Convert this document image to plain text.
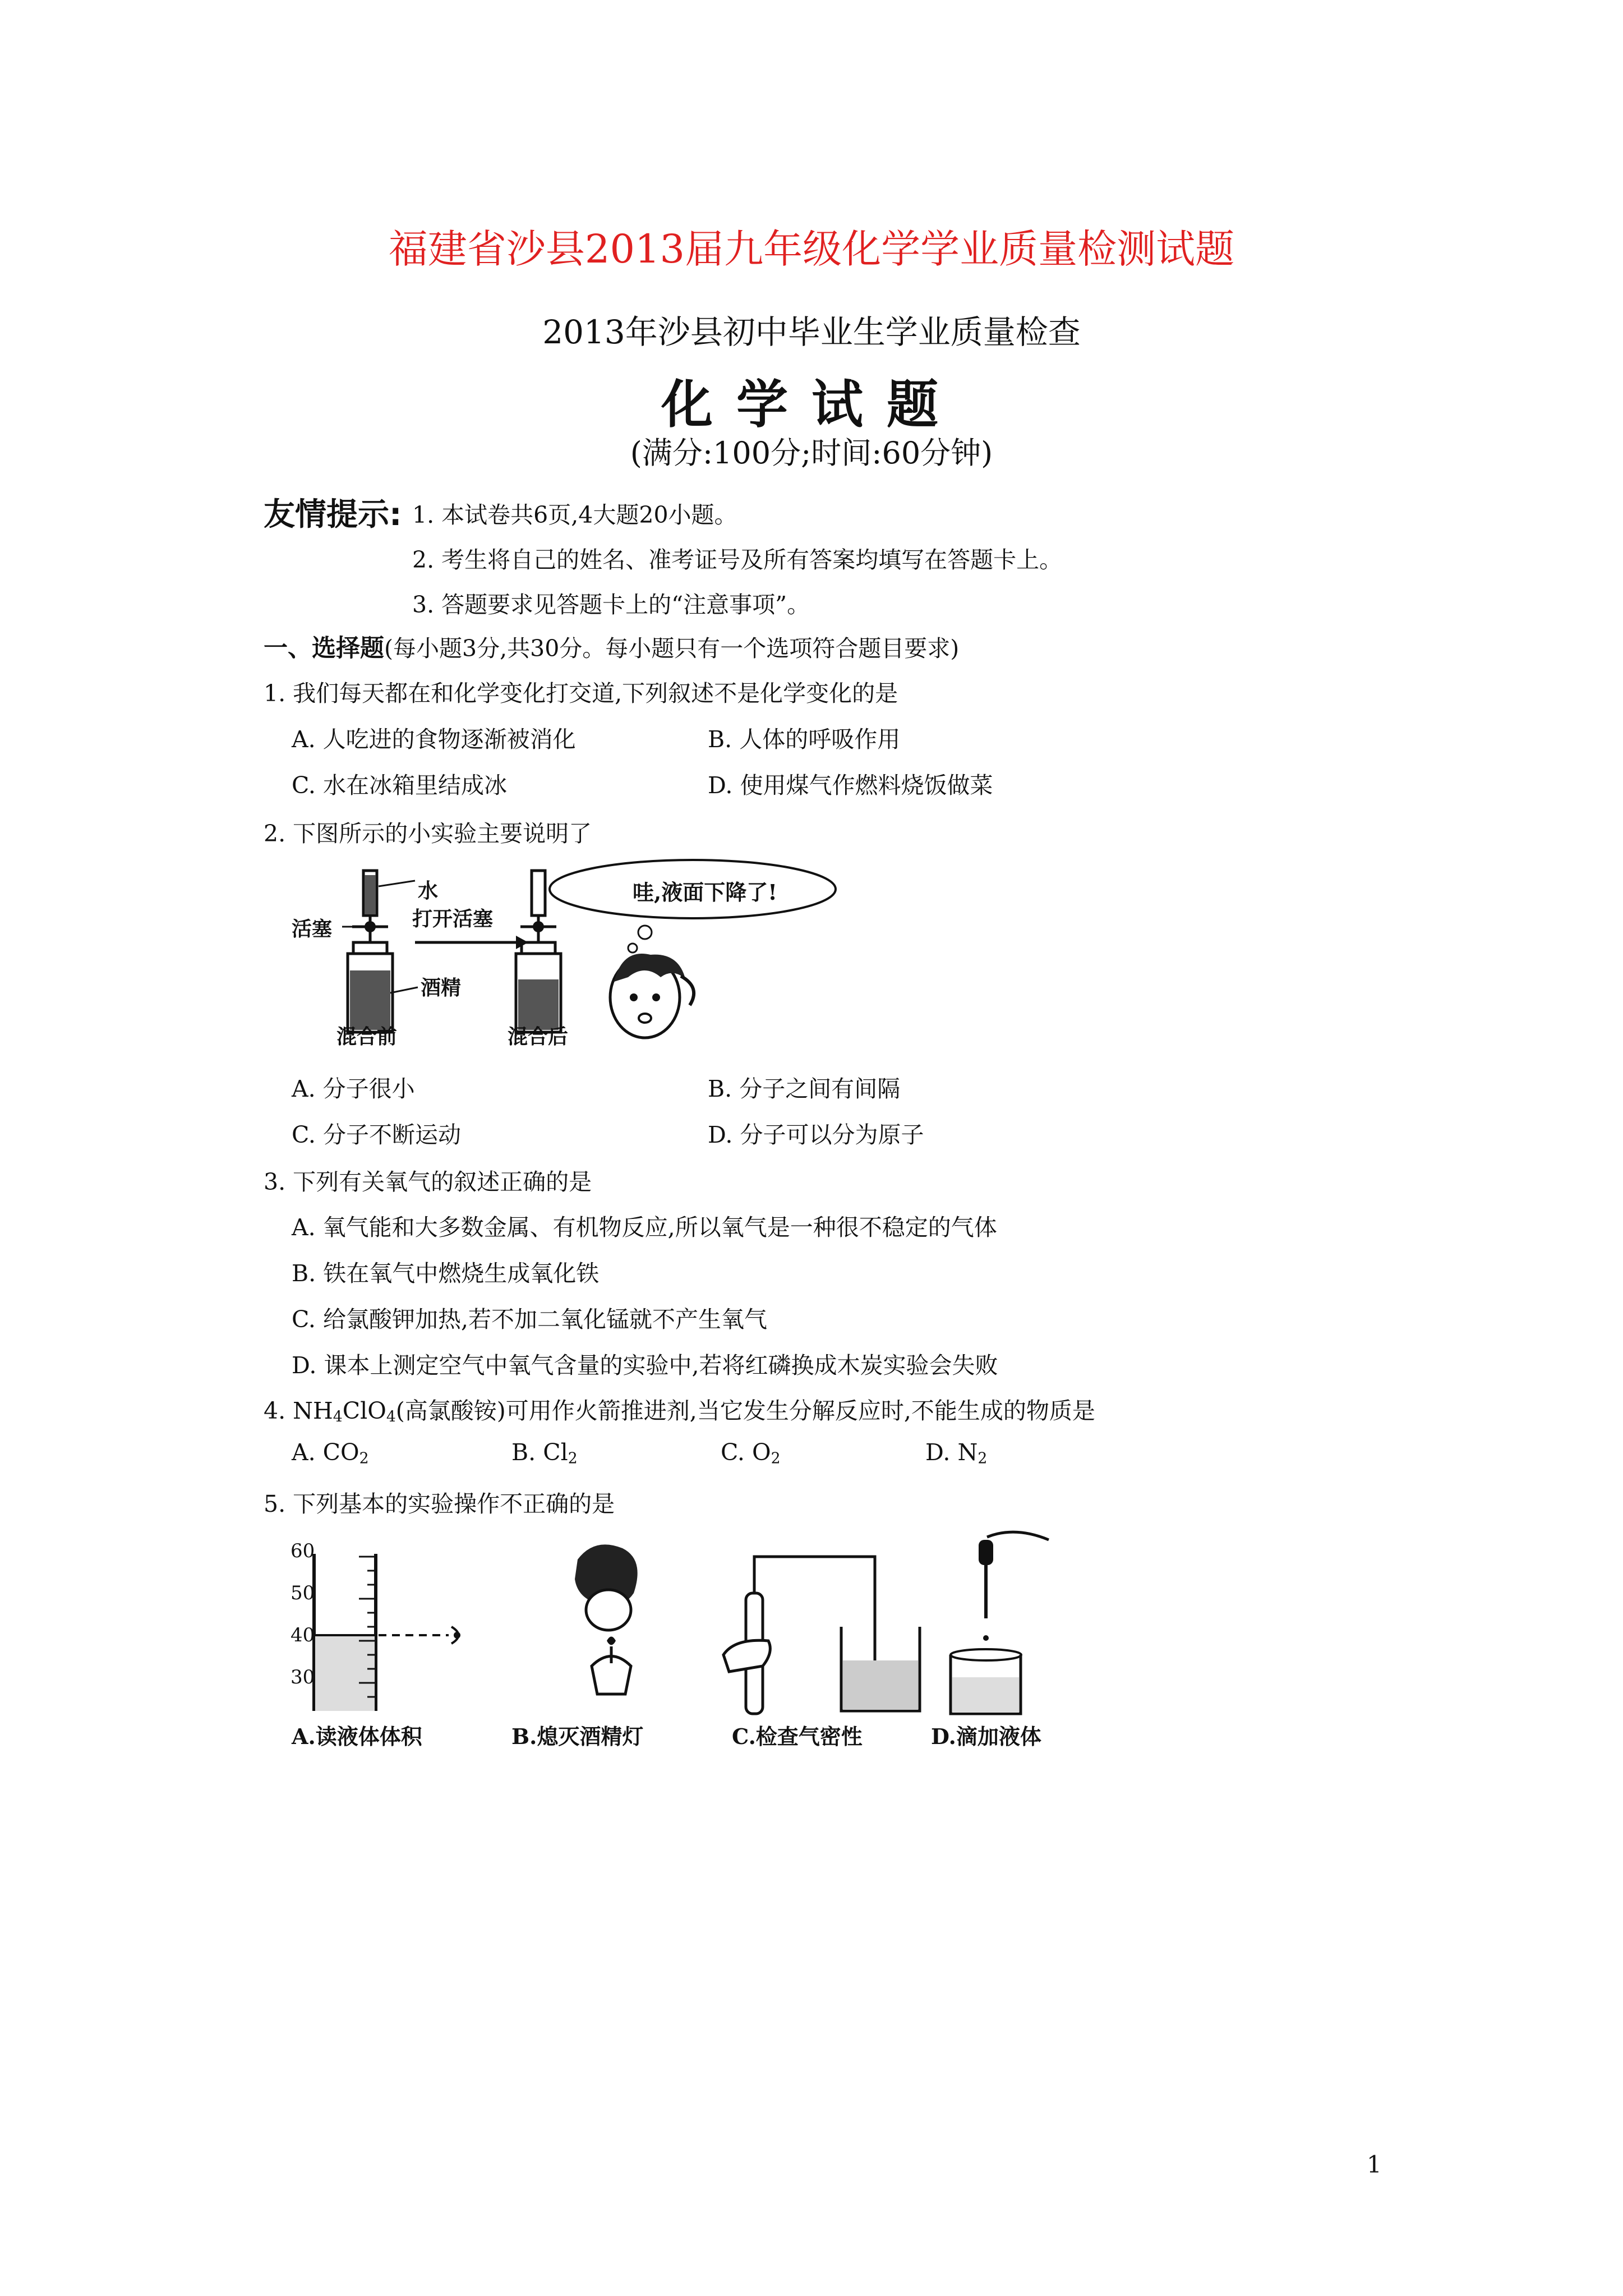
福建省沙县2013届九年级化学学业质量检测试题
2013年沙县初中毕业生学业质量检查
化学试题
(满分:100分;时间:60分钟)
友情提示: 1. 本试卷共6页,4大题20小题。
2. 考生将自己的姓名、准考证号及所有答案均填写在答题卡上。
3. 答题要求见答题卡上的“注意事项”。
一、选择题(每小题3分,共30分。每小题只有一个选项符合题目要求)
1. 我们每天都在和化学变化打交道,下列叙述不是化学变化的是
A. 人吃进的食物逐渐被消化	B. 人体的呼吸作用
C. 水在冰箱里结成冰	D. 使用煤气作燃料烧饭做菜
2. 下图所示的小实验主要说明了
水
活塞	打开活塞
酒精
混合前	混合后
哇,液面下降了!
A. 分子很小	B. 分子之间有间隔
C. 分子不断运动	D. 分子可以分为原子
3. 下列有关氧气的叙述正确的是
A. 氧气能和大多数金属、有机物反应,所以氧气是一种很不稳定的气体
B. 铁在氧气中燃烧生成氧化铁
C. 给氯酸钾加热,若不加二氧化锰就不产生氧气
D. 课本上测定空气中氧气含量的实验中,若将红磷换成木炭实验会失败
4. $NH_4ClO_4$(高氯酸铵)可用作火箭推进剂,当它发生分解反应时,不能生成的物质是
A. $CO_2$	B. $Cl_2$	C. $O_2$	D. $N_2$
5. 下列基本的实验操作不正确的是
60
50
40
30
A.读液体体积	B.熄灭酒精灯	C.检查气密性	D.滴加液体
1
